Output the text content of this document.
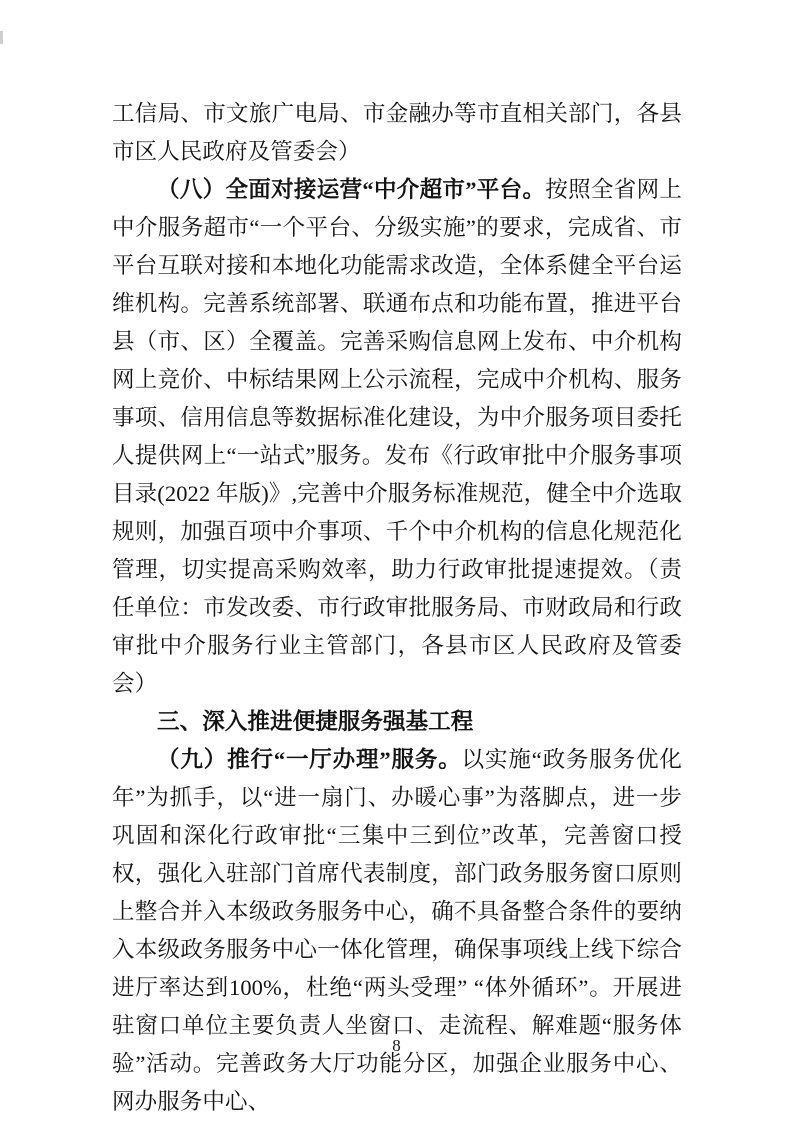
工信局、市文旅广电局、市金融办等市直相关部门，各县市区人民政府及管委会）

（八）全面对接运营“中介超市”平台。按照全省网上中介服务超市“一个平台、分级实施”的要求，完成省、市平台互联对接和本地化功能需求改造，全体系健全平台运维机构。完善系统部署、联通布点和功能布置，推进平台县（市、区）全覆盖。完善采购信息网上发布、中介机构网上竞价、中标结果网上公示流程，完成中介机构、服务事项、信用信息等数据标准化建设，为中介服务项目委托人提供网上“一站式”服务。发布《行政审批中介服务事项目录(2022 年版)》,完善中介服务标准规范，健全中介选取规则，加强百项中介事项、千个中介机构的信息化规范化管理，切实提高采购效率，助力行政审批提速提效。（责任单位：市发改委、市行政审批服务局、市财政局和行政审批中介服务行业主管部门，各县市区人民政府及管委会）

三、深入推进便捷服务强基工程

（九）推行“一厅办理”服务。以实施“政务服务优化年”为抓手，以“进一扇门、办暖心事”为落脚点，进一步巩固和深化行政审批“三集中三到位”改革，完善窗口授权，强化入驻部门首席代表制度，部门政务服务窗口原则上整合并入本级政务服务中心，确不具备整合条件的要纳入本级政务服务中心一体化管理，确保事项线上线下综合进厅率达到100%，杜绝“两头受理” “体外循环”。开展进驻窗口单位主要负责人坐窗口、走流程、解难题“服务体验”活动。完善政务大厅功能分区，加强企业服务中心、网办服务中心、

8
